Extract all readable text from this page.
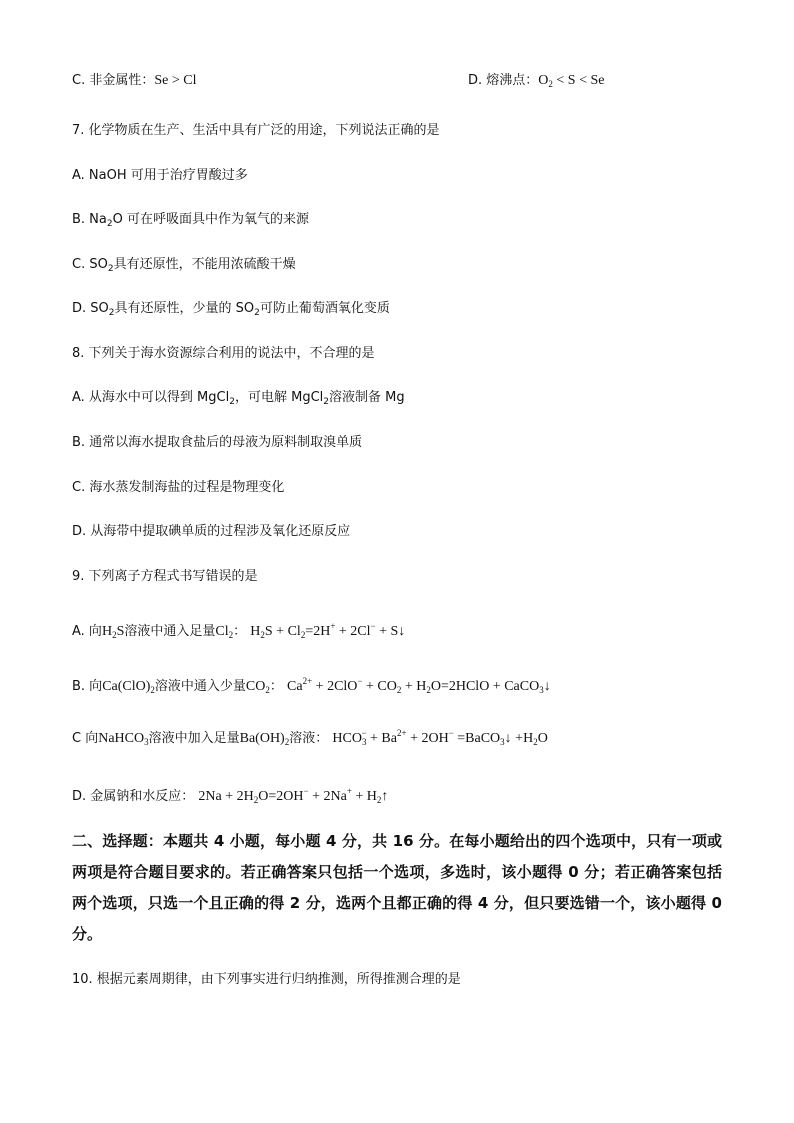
C. 非金属性：Se > Cl	D. 熔沸点：$O_2 < S < Se$
7. 化学物质在生产、生活中具有广泛的用途，下列说法正确的是
A. NaOH 可用于治疗胃酸过多
B. $Na_2O$ 可在呼吸面具中作为氧气的来源
C. $SO_2$具有还原性，不能用浓硫酸干燥
D. $SO_2$具有还原性，少量的 $SO_2$可防止葡萄酒氧化变质
8. 下列关于海水资源综合利用的说法中，不合理的是
A. 从海水中可以得到 MgCl$_2$，可电解 MgCl$_2$溶液制备 Mg
B. 通常以海水提取食盐后的母液为原料制取溴单质
C. 海水蒸发制海盐的过程是物理变化
D. 从海带中提取碘单质的过程涉及氧化还原反应
9. 下列离子方程式书写错误的是
A. 向$H_2S$溶液中通入足量$Cl_2$： $H_2S + Cl_2=2H^+ + 2Cl^-$ + S↓
B. 向$Ca(ClO)_2$溶液中通入少量$CO_2$： $Ca^{2+} + 2ClO^- + CO_2$ + $H_2O=2HClO$ + CaCO$_3$↓
C 向NaHCO$_3$溶液中加入足量$Ba(OH)_2$溶液： $HCO_3^- + Ba^{2+} + 2OH^-$ =BaCO$_3$↓ $+H_2O$
D. 金属钠和水反应： $2Na + 2H_2O=2OH^- + 2Na^+$ + $H_2↑$
二、选择题：本题共 4 小题，每小题 4 分，共 16 分。在每小题给出的四个选项中，只有一项或两项是符合题目要求的。若正确答案只包括一个选项，多选时，该小题得 0 分；若正确答案包括两个选项，只选一个且正确的得 2 分，选两个且都正确的得 4 分，但只要选错一个，该小题得 0 分。
10. 根据元素周期律，由下列事实进行归纳推测，所得推测合理的是
